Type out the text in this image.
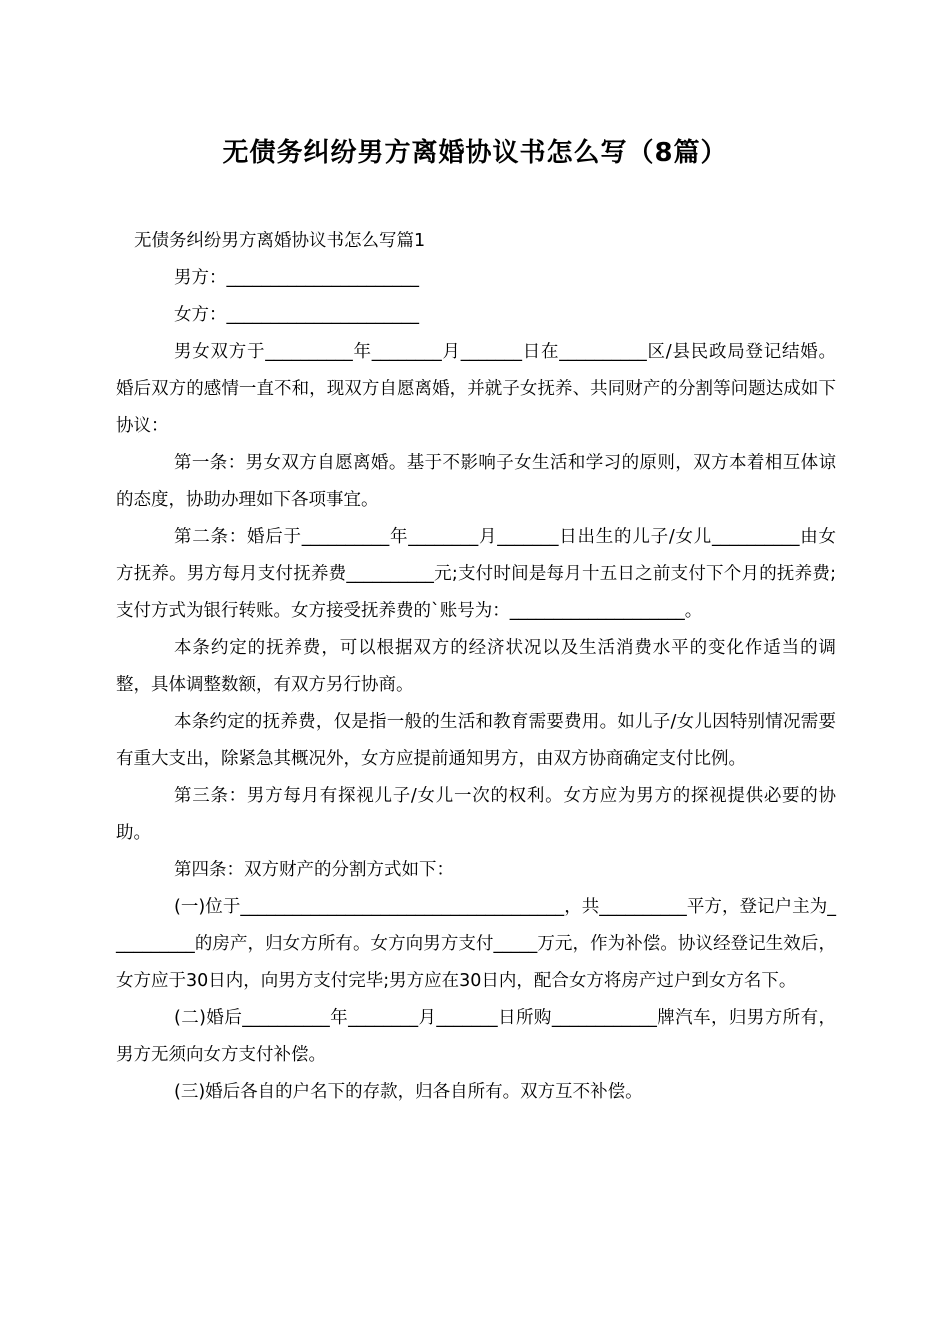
无债务纠纷男方离婚协议书怎么写（8篇）

无债务纠纷男方离婚协议书怎么写篇1

男方：______________________

女方：______________________

男女双方于__________年________月_______日在__________区/县民政局登记结婚。婚后双方的感情一直不和，现双方自愿离婚，并就子女抚养、共同财产的分割等问题达成如下协议：

第一条：男女双方自愿离婚。基于不影响子女生活和学习的原则，双方本着相互体谅的态度，协助办理如下各项事宜。

第二条：婚后于__________年________月_______日出生的儿子/女儿__________由女方抚养。男方每月支付抚养费__________元;支付时间是每月十五日之前支付下个月的抚养费;支付方式为银行转账。女方接受抚养费的`账号为：____________________。

本条约定的抚养费，可以根据双方的经济状况以及生活消费水平的变化作适当的调整，具体调整数额，有双方另行协商。

本条约定的抚养费，仅是指一般的生活和教育需要费用。如儿子/女儿因特别情况需要有重大支出，除紧急其概况外，女方应提前通知男方，由双方协商确定支付比例。

第三条：男方每月有探视儿子/女儿一次的权利。女方应为男方的探视提供必要的协助。

第四条：双方财产的分割方式如下：

(一)位于_____________________________________，共__________平方，登记户主为__________的房产，归女方所有。女方向男方支付_____万元，作为补偿。协议经登记生效后，女方应于30日内，向男方支付完毕;男方应在30日内，配合女方将房产过户到女方名下。

(二)婚后__________年________月_______日所购____________牌汽车，归男方所有，男方无须向女方支付补偿。

(三)婚后各自的户名下的存款，归各自所有。双方互不补偿。
